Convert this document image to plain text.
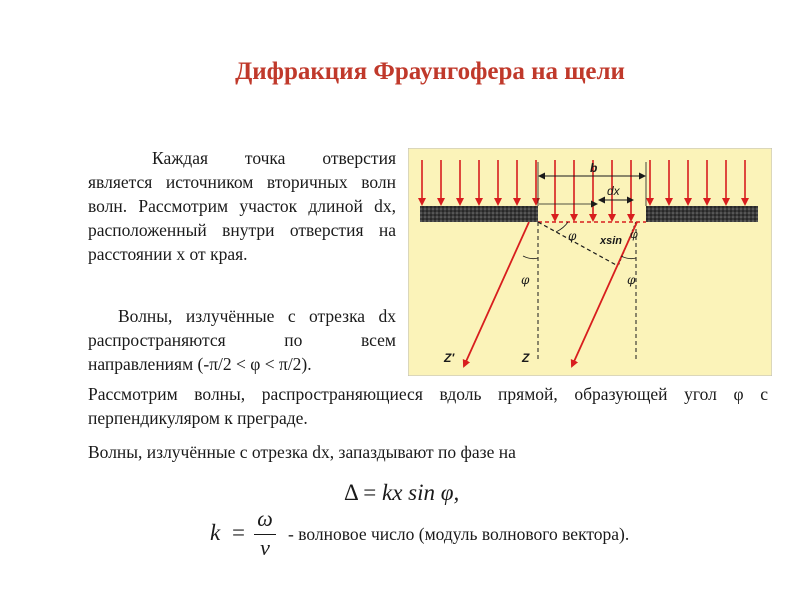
Дифракция Фраунгофера на щели
Каждая точка отверстия является источником вторичных волн волн. Рассмотрим участок длиной dx, расположенный внутри отверстия на расстоянии x от края.
Волны, излучённые с отрезка dx распространяются по всем направлениям (-π/2 < φ < π/2).
Рассмотрим волны, распространяющиеся вдоль прямой, образующей угол φ с перпендикуляром к преграде.
Волны, излучённые с отрезка dx, запаздывают по фазе на
b
dx
φ	φ
φ	φ
xsin
Z′	Z
Δ = kx sin φ,
k =
ω
v
- волновое число (модуль волнового вектора).
